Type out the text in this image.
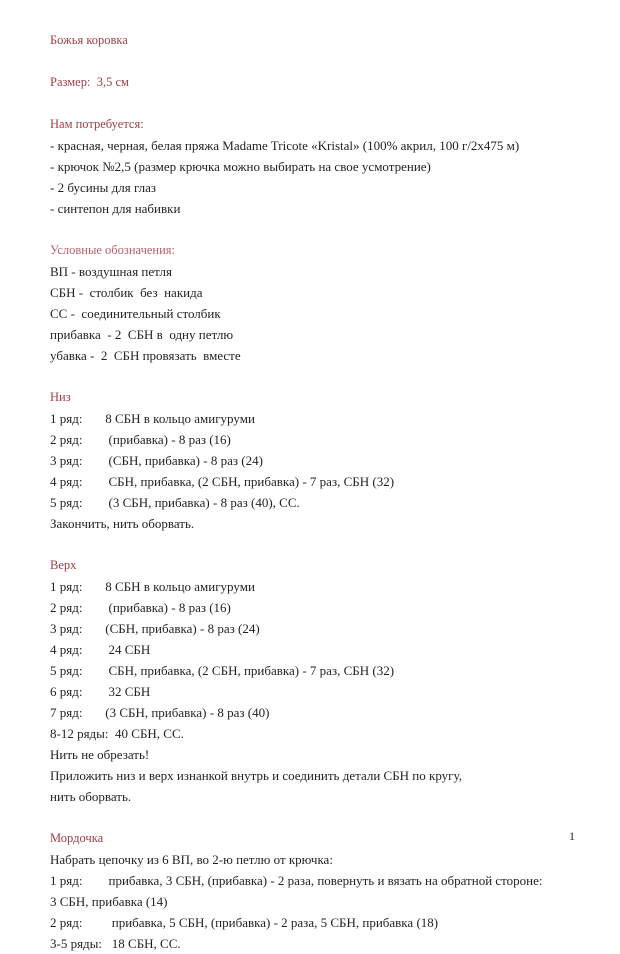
Божья коровка
Размер:  3,5 см
Нам потребуется:
- красная, черная, белая пряжа Madame Tricote «Kristal» (100% акрил, 100 г/2х475 м)
- крючок №2,5 (размер крючка можно выбирать на свое усмотрение)
- 2 бусины для глаз
- синтепон для набивки
Условные обозначения:
ВП - воздушная петля
СБН -  столбик  без  накида
СС -  соединительный столбик
прибавка  - 2  СБН в  одну петлю
убавка -  2  СБН провязать  вместе
Низ
1 ряд:	8 СБН в кольцо амигуруми
2 ряд:	(прибавка) - 8 раз (16)
3 ряд:	(СБН, прибавка) - 8 раз (24)
4 ряд:	СБН, прибавка, (2 СБН, прибавка) - 7 раз, СБН (32)
5 ряд:	(3 СБН, прибавка) - 8 раз (40), СС.
Закончить, нить оборвать.
Верх
1 ряд:	8 СБН в кольцо амигуруми
2 ряд:	(прибавка) - 8 раз (16)
3 ряд:	(СБН, прибавка) - 8 раз (24)
4 ряд:	24 СБН
5 ряд:	СБН, прибавка, (2 СБН, прибавка) - 7 раз, СБН (32)
6 ряд:	32 СБН
7 ряд:	(3 СБН, прибавка) - 8 раз (40)
8-12 ряды: 40 СБН, СС.
Нить не обрезать!
Приложить низ и верх изнанкой внутрь и соединить детали СБН по кругу,
нить оборвать.
Мордочка
Набрать цепочку из 6 ВП, во 2-ю петлю от крючка:
1 ряд:	прибавка, 3 СБН, (прибавка) - 2 раза, повернуть и вязать на обратной стороне:
3 СБН, прибавка (14)
2 ряд:	прибавка, 5 СБН, (прибавка) - 2 раза, 5 СБН, прибавка (18)
3-5 ряды: 18 СБН, СС.
1
